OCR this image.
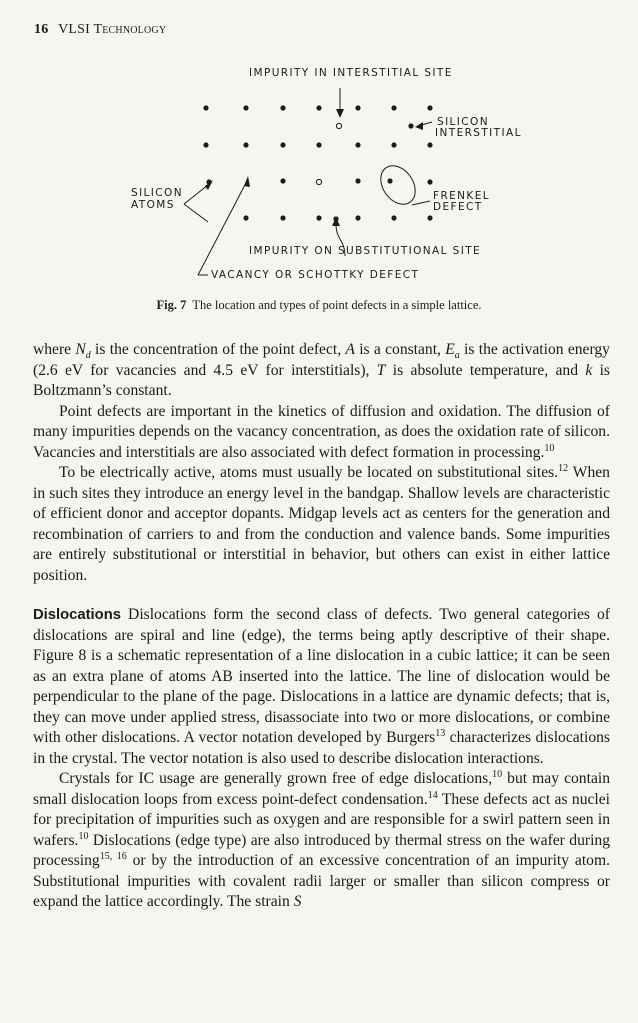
16 VLSI Technology
IMPURITY IN INTERSTITIAL SITE
SILICON
INTERSTITIAL
SILICON
ATOMS
FRENKEL
DEFECT
IMPURITY ON SUBSTITUTIONAL SITE
VACANCY OR SCHOTTKY DEFECT
Fig. 7 The location and types of point defects in a simple lattice.

where $N_d$ is the concentration of the point defect, A is a constant, $E_a$ is the activation energy (2.6 eV for vacancies and 4.5 eV for interstitials), T is absolute temperature, and k is Boltzmann’s constant.

Point defects are important in the kinetics of diffusion and oxidation. The diffusion of many impurities depends on the vacancy concentration, as does the oxidation rate of silicon. Vacancies and interstitials are also associated with defect formation in processing.$^{10}$

To be electrically active, atoms must usually be located on substitutional sites.$^{12}$ When in such sites they introduce an energy level in the bandgap. Shallow levels are characteristic of efficient donor and acceptor dopants. Midgap levels act as centers for the generation and recombination of carriers to and from the conduction and valence bands. Some impurities are entirely substitutional or interstitial in behavior, but others can exist in either lattice position.

Dislocations Dislocations form the second class of defects. Two general categories of dislocations are spiral and line (edge), the terms being aptly descriptive of their shape. Figure 8 is a schematic representation of a line dislocation in a cubic lattice; it can be seen as an extra plane of atoms AB inserted into the lattice. The line of dislocation would be perpendicular to the plane of the page. Dislocations in a lattice are dynamic defects; that is, they can move under applied stress, disassociate into two or more dislocations, or combine with other dislocations. A vector notation developed by Burgers$^{13}$ characterizes dislocations in the crystal. The vector notation is also used to describe dislocation interactions.

Crystals for IC usage are generally grown free of edge dislocations,$^{10}$ but may contain small dislocation loops from excess point-defect condensation.$^{14}$ These defects act as nuclei for precipitation of impurities such as oxygen and are responsible for a swirl pattern seen in wafers.$^{10}$ Dislocations (edge type) are also introduced by thermal stress on the wafer during processing$^{15, 16}$ or by the introduction of an excessive concentration of an impurity atom. Substitutional impurities with covalent radii larger or smaller than silicon compress or expand the lattice accordingly. The strain S
